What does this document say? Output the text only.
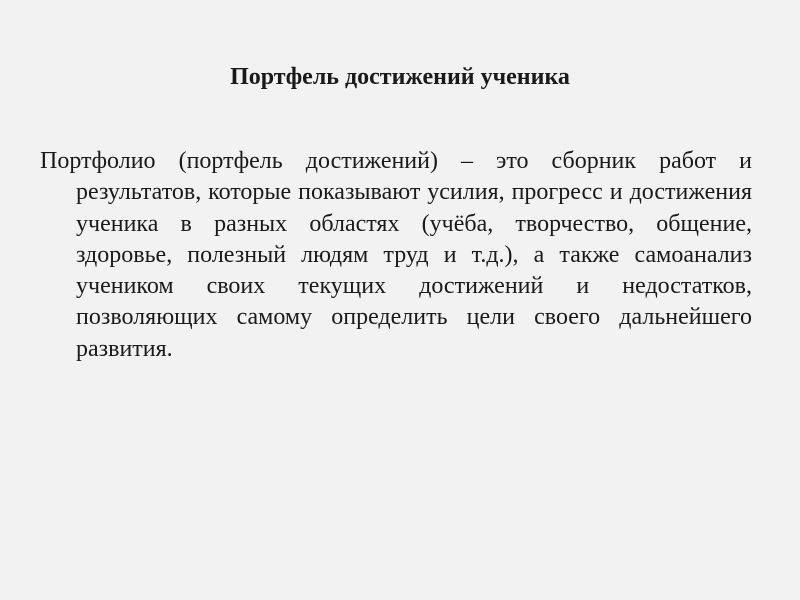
Портфель достижений ученика

Портфолио (портфель достижений) – это сборник работ и результатов, которые показывают усилия, прогресс и достижения ученика в разных областях (учёба, творчество, общение, здоровье, полезный людям труд и т.д.), а также самоанализ учеником своих текущих достижений и недостатков, позволяющих самому определить цели своего дальнейшего развития.
